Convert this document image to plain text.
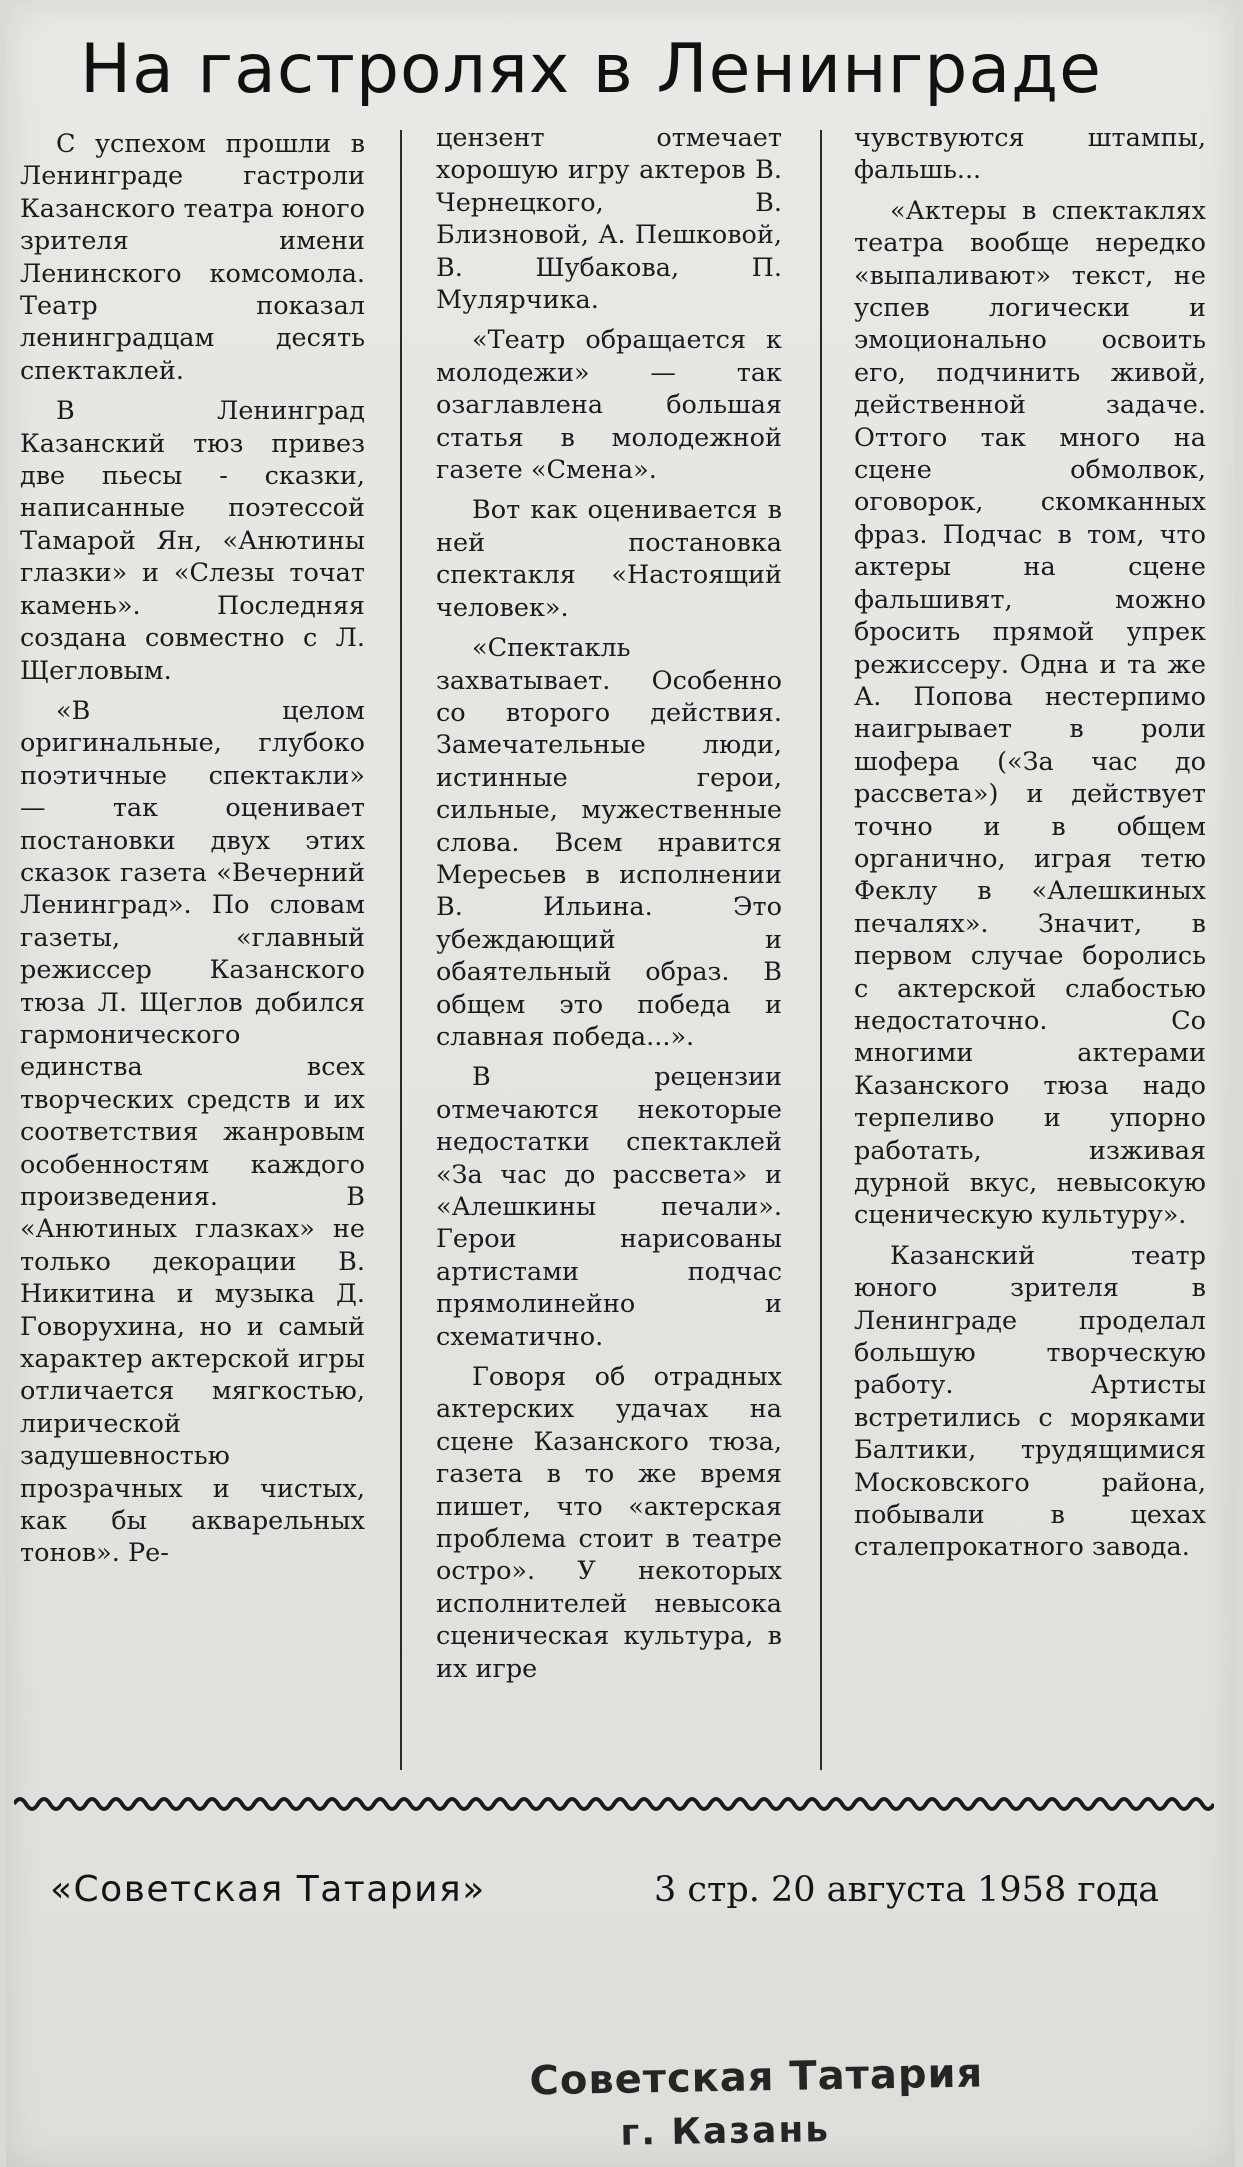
На гастролях в Ленинграде

С успехом прошли в Ленинграде гастроли Казанского театра юного зрителя имени Ленинского комсомола. Театр показал ленинградцам десять спектаклей.

В Ленинград Казанский тюз привез две пьесы - сказки, написанные поэтессой Тамарой Ян, «Анютины глазки» и «Слезы точат камень». Последняя создана совместно с Л. Щегловым.

«В целом оригинальные, глубоко поэтичные спектакли» — так оценивает постановки двух этих сказок газета «Вечерний Ленинград». По словам газеты, «главный режиссер Казанского тюза Л. Щеглов добился гармонического единства всех творческих средств и их соответствия жанровым особенностям каждого произведения. В «Анютиных глазках» не только декорации В. Никитина и музыка Д. Говорухина, но и самый характер актерской игры отличается мягкостью, лирической задушевностью прозрачных и чистых, как бы акварельных тонов». Ре-

цензент отмечает хорошую игру актеров В. Чернецкого, В. Близновой, А. Пешковой, В. Шубакова, П. Мулярчика.

«Театр обращается к молодежи» — так озаглавлена большая статья в молодежной газете «Смена».

Вот как оценивается в ней постановка спектакля «Настоящий человек».

«Спектакль захватывает. Особенно со второго действия. Замечательные люди, истинные герои, сильные, мужественные слова. Всем нравится Мересьев в исполнении В. Ильина. Это убеждающий и обаятельный образ. В общем это победа и славная победа...».

В рецензии отмечаются некоторые недостатки спектаклей «За час до рассвета» и «Алешкины печали». Герои нарисованы артистами подчас прямолинейно и схематично.

Говоря об отрадных актерских удачах на сцене Казанского тюза, газета в то же время пишет, что «актерская проблема стоит в театре остро». У некоторых исполнителей невысока сценическая культура, в их игре

чувствуются штампы, фальшь...

«Актеры в спектаклях театра вообще нередко «выпаливают» текст, не успев логически и эмоционально освоить его, подчинить живой, действенной задаче. Оттого так много на сцене обмолвок, оговорок, скомканных фраз. Подчас в том, что актеры на сцене фальшивят, можно бросить прямой упрек режиссеру. Одна и та же А. Попова нестерпимо наигрывает в роли шофера («За час до рассвета») и действует точно и в общем органично, играя тетю Феклу в «Алешкиных печалях». Значит, в первом случае боролись с актерской слабостью недостаточно. Со многими актерами Казанского тюза надо терпеливо и упорно работать, изживая дурной вкус, невысокую сценическую культуру».

Казанский театр юного зрителя в Ленинграде проделал большую творческую работу. Артисты встретились с моряками Балтики, трудящимися Московского района, побывали в цехах сталепрокатного завода.

«Советская Татария»	3 стр. 20 августа 1958 года
Советская Татария
г. Казань
